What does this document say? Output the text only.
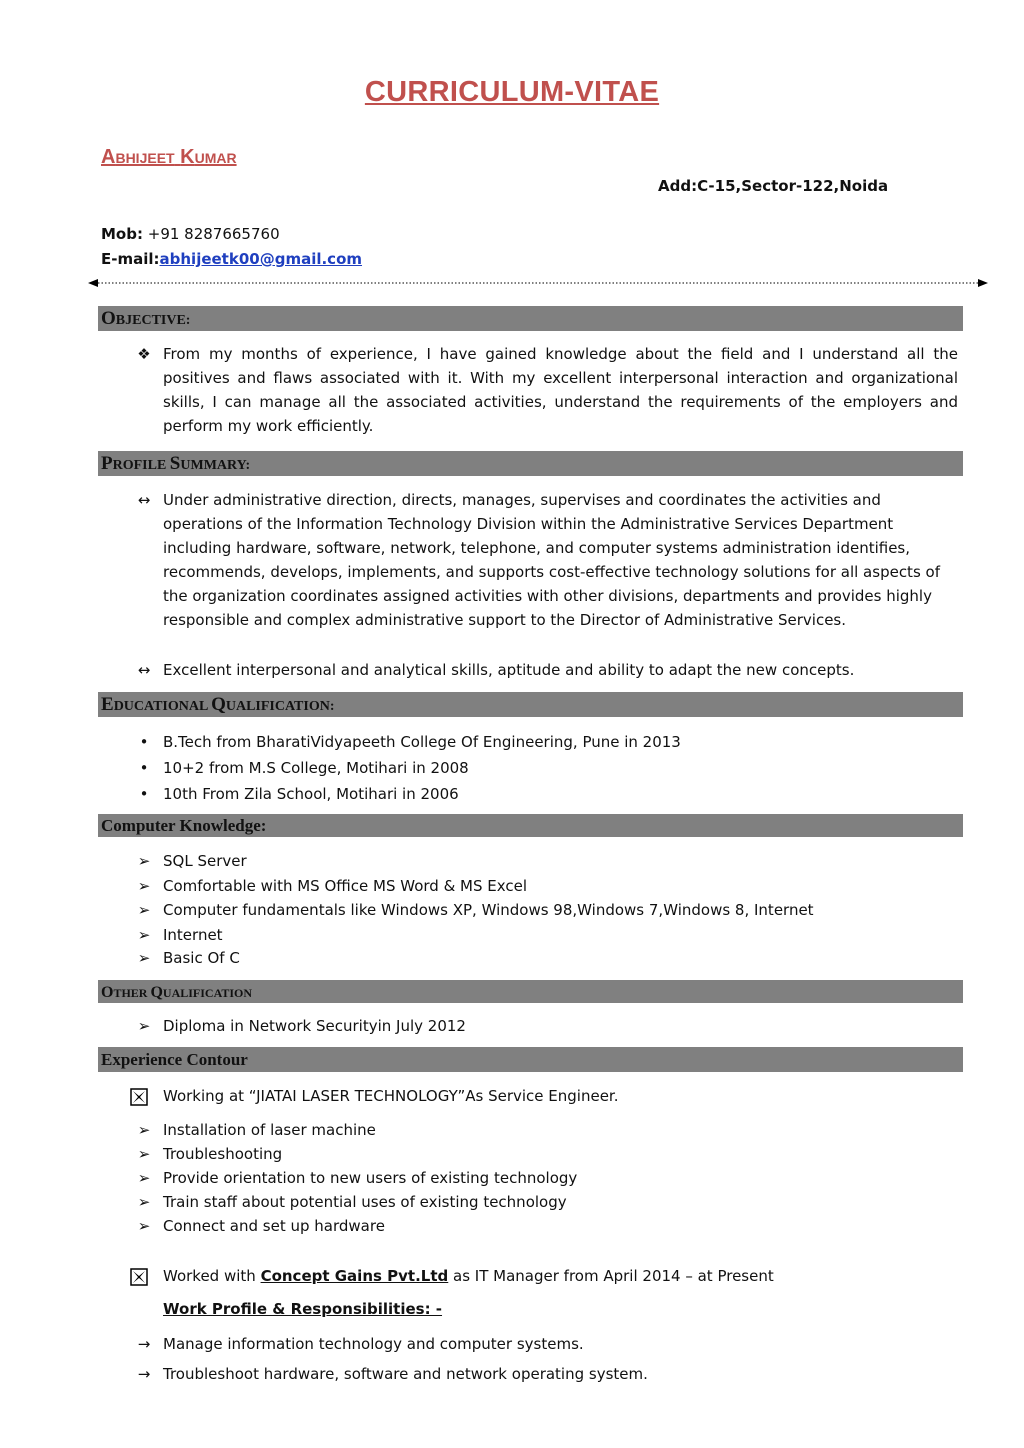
CURRICULUM-VITAE
ABHIJEET KUMAR
Add:C-15,Sector-122,Noida
Mob: +91 8287665760
E-mail:abhijeetk00@gmail.com
OBJECTIVE:
❖ From my months of experience, I have gained knowledge about the field and I understand all the positives and flaws associated with it. With my excellent interpersonal interaction and organizational skills, I can manage all the associated activities, understand the requirements of the employers and perform my work efficiently.
PROFILE SUMMARY:
↔ Under administrative direction, directs, manages, supervises and coordinates the activities and operations of the Information Technology Division within the Administrative Services Department including hardware, software, network, telephone, and computer systems administration identifies, recommends, develops, implements, and supports cost-effective technology solutions for all aspects of the organization coordinates assigned activities with other divisions, departments and provides highly responsible and complex administrative support to the Director of Administrative Services.
↔ Excellent interpersonal and analytical skills, aptitude and ability to adapt the new concepts.
EDUCATIONAL QUALIFICATION:
• B.Tech from BharatiVidyapeeth College Of Engineering, Pune in 2013
• 10+2 from M.S College, Motihari in 2008
• 10th From Zila School, Motihari in 2006
Computer Knowledge:
➢ SQL Server
➢ Comfortable with MS Office MS Word & MS Excel
➢ Computer fundamentals like Windows XP, Windows 98,Windows 7,Windows 8, Internet
➢ Internet
➢ Basic Of C
OTHER QUALIFICATION
➢ Diploma in Network Securityin July 2012
Experience Contour
Working at “JIATAI LASER TECHNOLOGY”As Service Engineer.
➢ Installation of laser machine
➢ Troubleshooting
➢ Provide orientation to new users of existing technology
➢ Train staff about potential uses of existing technology
➢ Connect and set up hardware
Worked with Concept Gains Pvt.Ltd as IT Manager from April 2014 – at Present
Work Profile & Responsibilities: -
→ Manage information technology and computer systems.
→ Troubleshoot hardware, software and network operating system.
